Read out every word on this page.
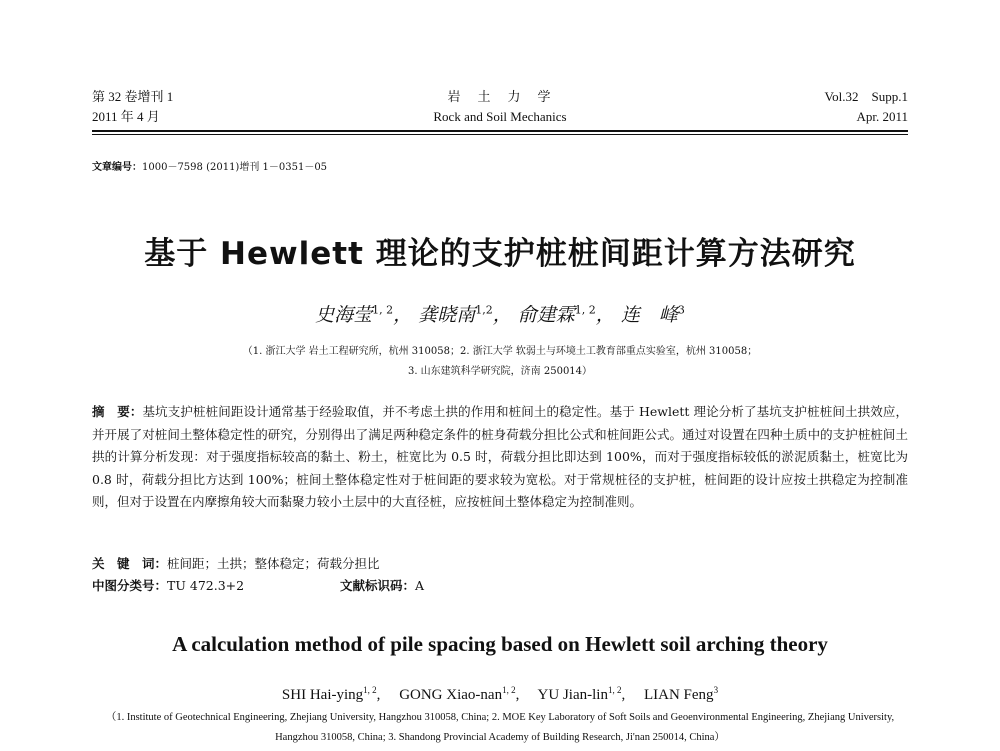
第 32 卷增刊 1
2011 年 4 月
岩　土　力　学
Rock and Soil Mechanics
Vol.32　Supp.1
Apr. 2011
文章编号：1000－7598 (2011)增刊 1－0351－05
基于 Hewlett 理论的支护桩桩间距计算方法研究
史海莹$^{1, 2}$， 龚晓南$^{1,2}$， 俞建霖$^{1, 2}$， 连　峰$^3$
（1. 浙江大学 岩土工程研究所，杭州 310058；2. 浙江大学 软弱土与环境土工教育部重点实验室，杭州 310058；
3. 山东建筑科学研究院，济南 250014）
摘　要：基坑支护桩桩间距设计通常基于经验取值，并不考虑土拱的作用和桩间土的稳定性。基于 Hewlett 理论分析了基坑支护桩桩间土拱效应，并开展了对桩间土整体稳定性的研究，分别得出了满足两种稳定条件的桩身荷载分担比公式和桩间距公式。通过对设置在四种土质中的支护桩桩间土拱的计算分析发现：对于强度指标较高的黏土、粉土，桩宽比为 0.5 时，荷载分担比即达到 100%，而对于强度指标较低的淤泥质黏土，桩宽比为 0.8 时，荷载分担比方达到 100%；桩间土整体稳定性对于桩间距的要求较为宽松。对于常规桩径的支护桩，桩间距的设计应按土拱稳定为控制准则，但对于设置在内摩擦角较大而黏聚力较小土层中的大直径桩，应按桩间土整体稳定为控制准则。
关　键　词：桩间距；土拱；整体稳定；荷载分担比
中图分类号：TU 472.3+2	文献标识码：A
A calculation method of pile spacing based on Hewlett soil arching theory
SHI Hai-ying$^{1, 2}$,　 GONG Xiao-nan$^{1, 2}$,　 YU Jian-lin$^{1, 2}$,　 LIAN Feng$^3$
（1. Institute of Geotechnical Engineering, Zhejiang University, Hangzhou 310058, China; 2. MOE Key Laboratory of Soft Soils and Geoenvironmental Engineering, Zhejiang University, Hangzhou 310058, China; 3. Shandong Provincial Academy of Building Research, Ji'nan 250014, China）
